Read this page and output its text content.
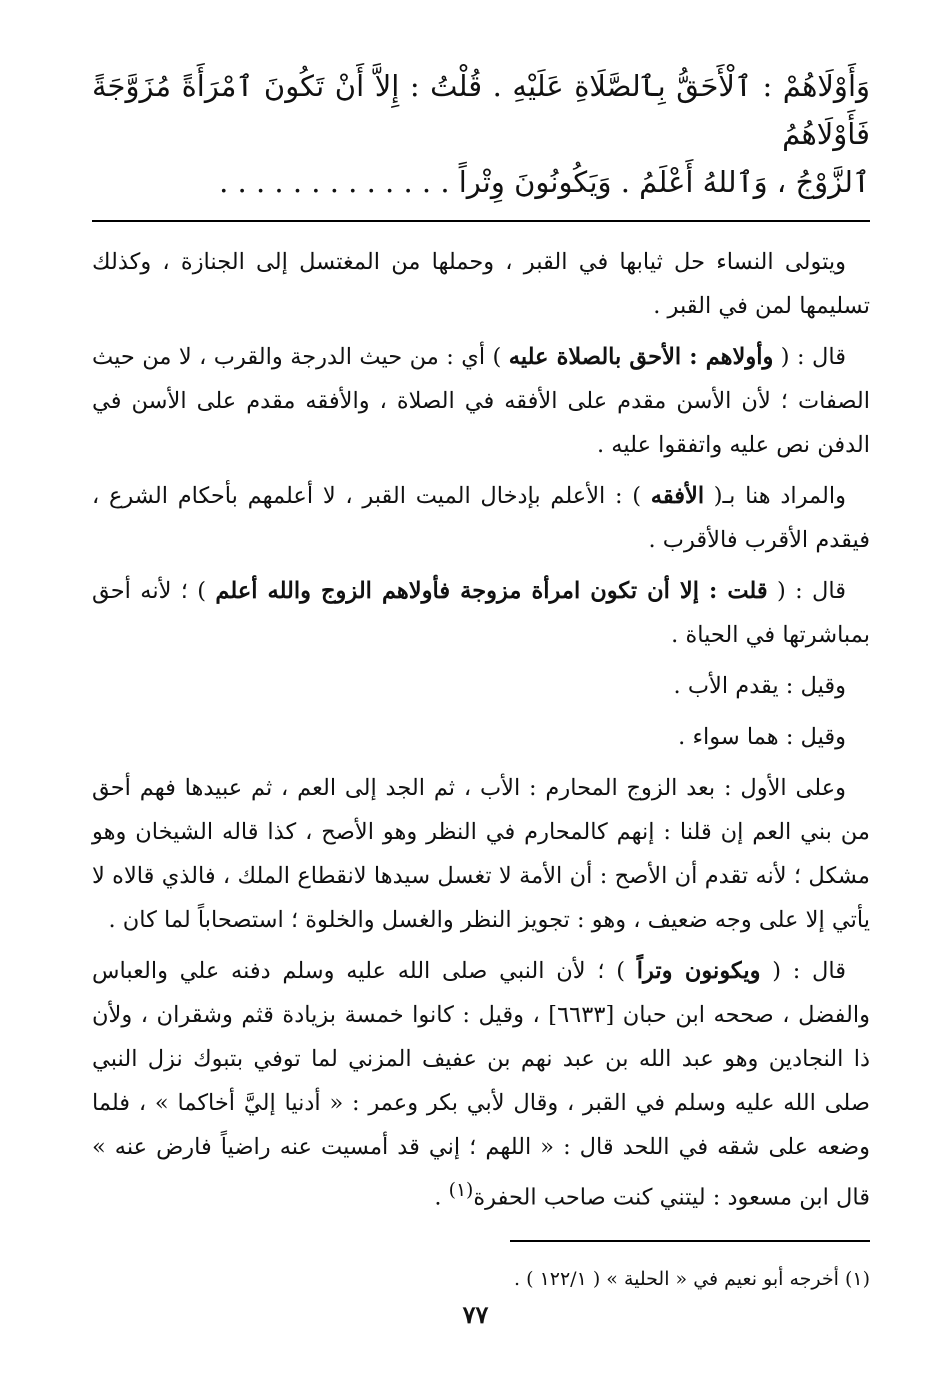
وَأَوْلَاهُمْ : ٱلْأَحَقُّ بِٱلصَّلَاةِ عَلَيْهِ . قُلْتُ : إِلاَّ أَنْ تَكُونَ ٱمْرَأَةً مُزَوَّجَةً فَأَوْلَاهُمُ

ٱلزَّوْجُ ، وَٱللهُ أَعْلَمُ . وَيَكُونُونَ وِتْراً . . . . . . . . . . . . .

ويتولى النساء حل ثيابها في القبر ، وحملها من المغتسل إلى الجنازة ، وكذلك تسليمها لمن في القبر .

قال : ( وأولاهم : الأحق بالصلاة عليه ) أي : من حيث الدرجة والقرب ، لا من حيث الصفات ؛ لأن الأسن مقدم على الأفقه في الصلاة ، والأفقه مقدم على الأسن في الدفن نص عليه واتفقوا عليه .

والمراد هنا بـ( الأفقه ) : الأعلم بإدخال الميت القبر ، لا أعلمهم بأحكام الشرع ، فيقدم الأقرب فالأقرب .

قال : ( قلت : إلا أن تكون امرأة مزوجة فأولاهم الزوج والله أعلم ) ؛ لأنه أحق بمباشرتها في الحياة .

وقيل : يقدم الأب .

وقيل : هما سواء .

وعلى الأول : بعد الزوج المحارم : الأب ، ثم الجد إلى العم ، ثم عبيدها فهم أحق من بني العم إن قلنا : إنهم كالمحارم في النظر وهو الأصح ، كذا قاله الشيخان وهو مشكل ؛ لأنه تقدم أن الأصح : أن الأمة لا تغسل سيدها لانقطاع الملك ، فالذي قالاه لا يأتي إلا على وجه ضعيف ، وهو : تجويز النظر والغسل والخلوة ؛ استصحاباً لما كان .

قال : ( ويكونون وتراً ) ؛ لأن النبي صلى الله عليه وسلم دفنه علي والعباس والفضل ، صححه ابن حبان [٦٦٣٣] ، وقيل : كانوا خمسة بزيادة قثم وشقران ، ولأن ذا النجادين وهو عبد الله بن عبد نهم بن عفيف المزني لما توفي بتبوك نزل النبي صلى الله عليه وسلم في القبر ، وقال لأبي بكر وعمر : « أدنيا إليَّ أخاكما » ، فلما وضعه على شقه في اللحد قال : « اللهم ؛ إني قد أمسيت عنه راضياً فارض عنه » قال ابن مسعود : ليتني كنت صاحب الحفرة$^{(١)}$ .

(١) أخرجه أبو نعيم في « الحلية » ( ١٢٢/١ ) .

٧٧
